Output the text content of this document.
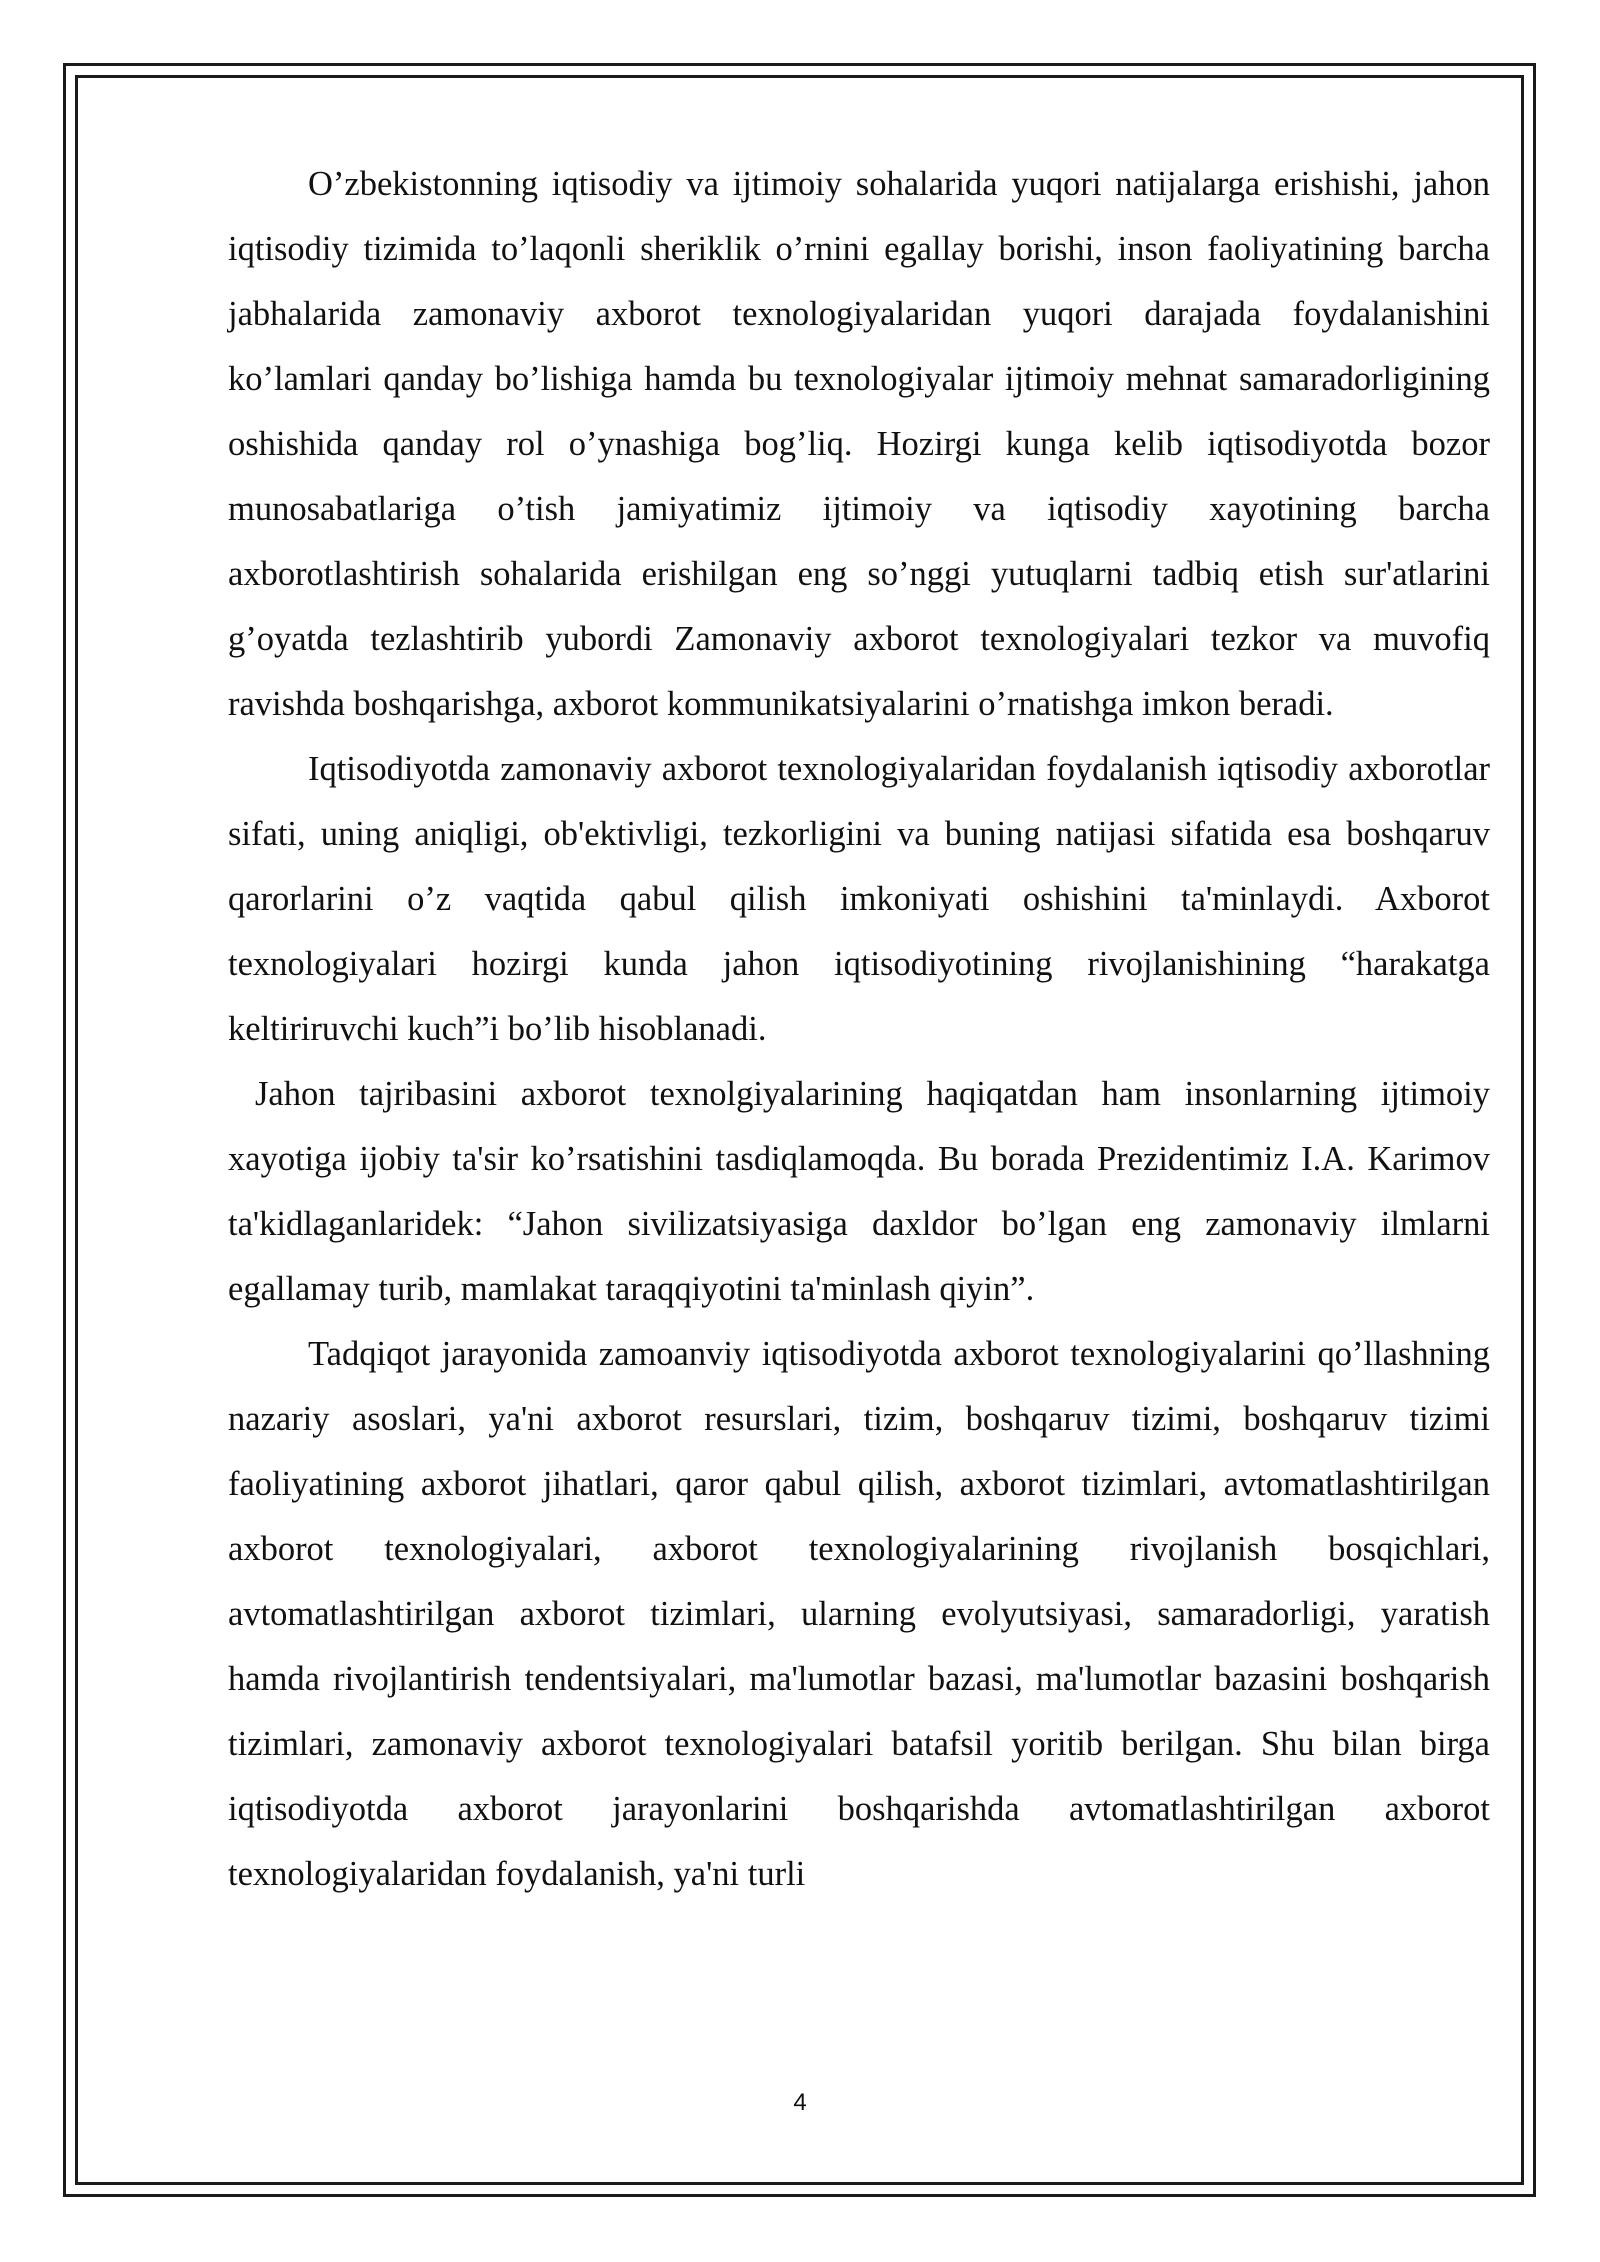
O’zbekistonning iqtisodiy va ijtimoiy sohalarida yuqori natijalarga erishishi, jahon iqtisodiy tizimida to’laqonli sheriklik o’rnini egallay borishi, inson faoliyatining barcha jabhalarida zamonaviy axborot texnologiyalaridan yuqori darajada foydalanishini ko’lamlari qanday bo’lishiga hamda bu texnologiyalar ijtimoiy mehnat samaradorligining oshishida qanday rol o’ynashiga bog’liq. Hozirgi kunga kelib iqtisodiyotda bozor munosabatlariga o’tish jamiyatimiz ijtimoiy va iqtisodiy xayotining barcha axborotlashtirish sohalarida erishilgan eng so’nggi yutuqlarni tadbiq etish sur'atlarini g’oyatda tezlashtirib yubordi Zamonaviy axborot texnologiyalari tezkor va muvofiq ravishda boshqarishga, axborot kommunikatsiyalarini o’rnatishga imkon beradi.

Iqtisodiyotda zamonaviy axborot texnologiyalaridan foydalanish iqtisodiy axborotlar sifati, uning aniqligi, ob'ektivligi, tezkorligini va buning natijasi sifatida esa boshqaruv qarorlarini o’z vaqtida qabul qilish imkoniyati oshishini ta'minlaydi. Axborot texnologiyalari hozirgi kunda jahon iqtisodiyotining rivojlanishining “harakatga keltiriruvchi kuch”i bo’lib hisoblanadi.

Jahon tajribasini axborot texnolgiyalarining haqiqatdan ham insonlarning ijtimoiy xayotiga ijobiy ta'sir ko’rsatishini tasdiqlamoqda. Bu borada Prezidentimiz I.A. Karimov ta'kidlaganlaridek: “Jahon sivilizatsiyasiga daxldor bo’lgan eng zamonaviy ilmlarni egallamay turib, mamlakat taraqqiyotini ta'minlash qiyin”.

Tadqiqot jarayonida zamoanviy iqtisodiyotda axborot texnologiyalarini qo’llashning nazariy asoslari, ya'ni axborot resurslari, tizim, boshqaruv tizimi, boshqaruv tizimi faoliyatining axborot jihatlari, qaror qabul qilish, axborot tizimlari, avtomatlashtirilgan axborot texnologiyalari, axborot texnologiyalarining rivojlanish bosqichlari, avtomatlashtirilgan axborot tizimlari, ularning evolyutsiyasi, samaradorligi, yaratish hamda rivojlantirish tendentsiyalari, ma'lumotlar bazasi, ma'lumotlar bazasini boshqarish tizimlari, zamonaviy axborot texnologiyalari batafsil yoritib berilgan. Shu bilan birga iqtisodiyotda axborot jarayonlarini boshqarishda avtomatlashtirilgan axborot texnologiyalaridan foydalanish, ya'ni turli

4
